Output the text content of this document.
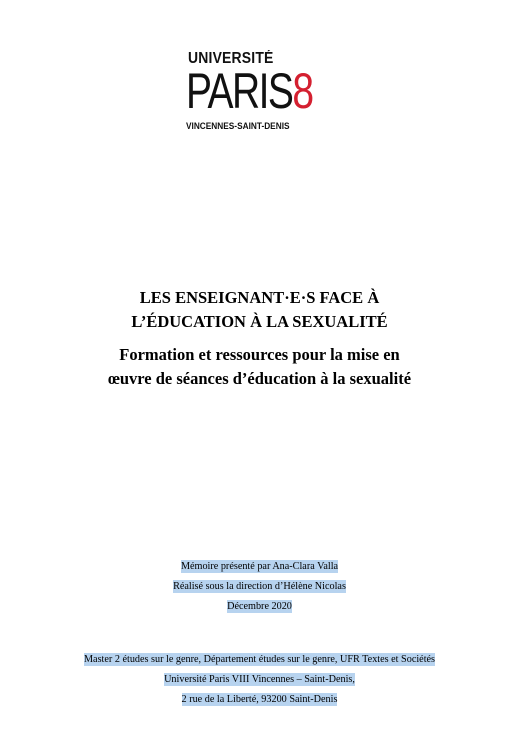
UNIVERSITÉ
PARIS8
VINCENNES-SAINT-DENIS
LES ENSEIGNANT·E·S FACE À
L’ÉDUCATION À LA SEXUALITÉ
Formation et ressources pour la mise en
œuvre de séances d’éducation à la sexualité
Mémoire présenté par Ana-Clara Valla
Réalisé sous la direction d’Hélène Nicolas
Décembre 2020
Master 2 études sur le genre, Département études sur le genre, UFR Textes et Sociétés
Université Paris VIII Vincennes – Saint-Denis,
2 rue de la Liberté, 93200 Saint-Denis
